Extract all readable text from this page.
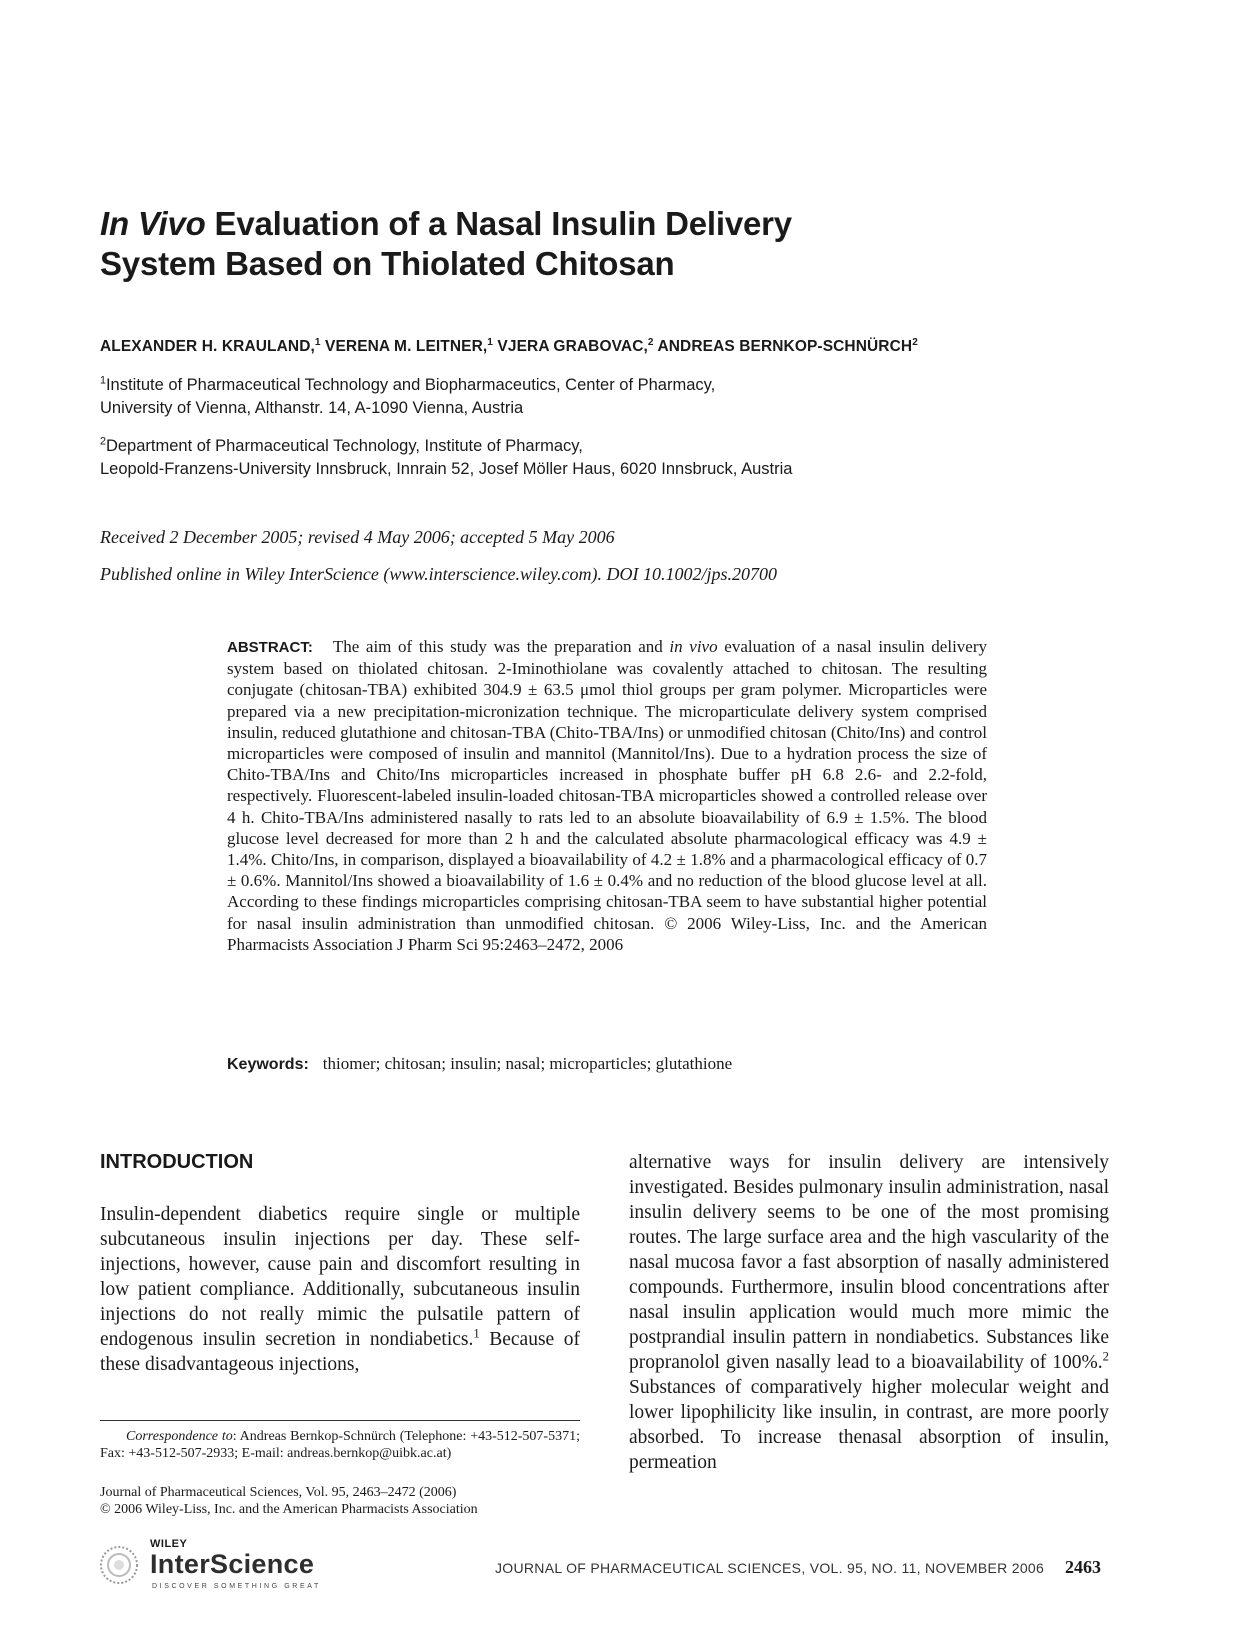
In Vivo Evaluation of a Nasal Insulin Delivery
System Based on Thiolated Chitosan
ALEXANDER H. KRAULAND,$^1$ VERENA M. LEITNER,$^1$ VJERA GRABOVAC,$^2$ ANDREAS BERNKOP-SCHNÜRCH$^2$
$^1$Institute of Pharmaceutical Technology and Biopharmaceutics, Center of Pharmacy,
University of Vienna, Althanstr. 14, A-1090 Vienna, Austria
$^2$Department of Pharmaceutical Technology, Institute of Pharmacy,
Leopold-Franzens-University Innsbruck, Innrain 52, Josef Möller Haus, 6020 Innsbruck, Austria
Received 2 December 2005; revised 4 May 2006; accepted 5 May 2006
Published online in Wiley InterScience (www.interscience.wiley.com). DOI 10.1002/jps.20700
ABSTRACT: The aim of this study was the preparation and in vivo evaluation of a nasal insulin delivery system based on thiolated chitosan. 2-Iminothiolane was covalently attached to chitosan. The resulting conjugate (chitosan-TBA) exhibited 304.9 ± 63.5 μmol thiol groups per gram polymer. Microparticles were prepared via a new precipitation-micronization technique. The microparticulate delivery system comprised insulin, reduced glutathione and chitosan-TBA (Chito-TBA/Ins) or unmodified chitosan (Chito/Ins) and control microparticles were composed of insulin and mannitol (Mannitol/Ins). Due to a hydration process the size of Chito-TBA/Ins and Chito/Ins microparticles increased in phosphate buffer pH 6.8 2.6- and 2.2-fold, respectively. Fluorescent-labeled insulin-loaded chitosan-TBA microparticles showed a controlled release over 4 h. Chito-TBA/Ins administered nasally to rats led to an absolute bioavailability of 6.9 ± 1.5%. The blood glucose level decreased for more than 2 h and the calculated absolute pharmacological efficacy was 4.9 ± 1.4%. Chito/Ins, in comparison, displayed a bioavailability of 4.2 ± 1.8% and a pharmacological efficacy of 0.7 ± 0.6%. Mannitol/Ins showed a bioavailability of 1.6 ± 0.4% and no reduction of the blood glucose level at all. According to these findings microparticles comprising chitosan-TBA seem to have substantial higher potential for nasal insulin administration than unmodified chitosan. © 2006 Wiley-Liss, Inc. and the American Pharmacists Association J Pharm Sci 95:2463–2472, 2006
Keywords: thiomer; chitosan; insulin; nasal; microparticles; glutathione
INTRODUCTION
Insulin-dependent diabetics require single or multiple subcutaneous insulin injections per day. These self-injections, however, cause pain and discomfort resulting in low patient compliance. Additionally, subcutaneous insulin injections do not really mimic the pulsatile pattern of endogenous insulin secretion in nondiabetics.$^1$ Because of these disadvantageous injections,
alternative ways for insulin delivery are intensively investigated. Besides pulmonary insulin administration, nasal insulin delivery seems to be one of the most promising routes. The large surface area and the high vascularity of the nasal mucosa favor a fast absorption of nasally administered compounds. Furthermore, insulin blood concentrations after nasal insulin application would much more mimic the postprandial insulin pattern in nondiabetics. Substances like propranolol given nasally lead to a bioavailability of 100%.$^2$ Substances of comparatively higher molecular weight and lower lipophilicity like insulin, in contrast, are more poorly absorbed. To increase thenasal absorption of insulin, permeation
Correspondence to: Andreas Bernkop-Schnürch (Telephone: +43-512-507-5371; Fax: +43-512-507-2933; E-mail: andreas.bernkop@uibk.ac.at)
Journal of Pharmaceutical Sciences, Vol. 95, 2463–2472 (2006)
© 2006 Wiley-Liss, Inc. and the American Pharmacists Association
WILEY
InterScience
DISCOVER SOMETHING GREAT
JOURNAL OF PHARMACEUTICAL SCIENCES, VOL. 95, NO. 11, NOVEMBER 2006 2463
